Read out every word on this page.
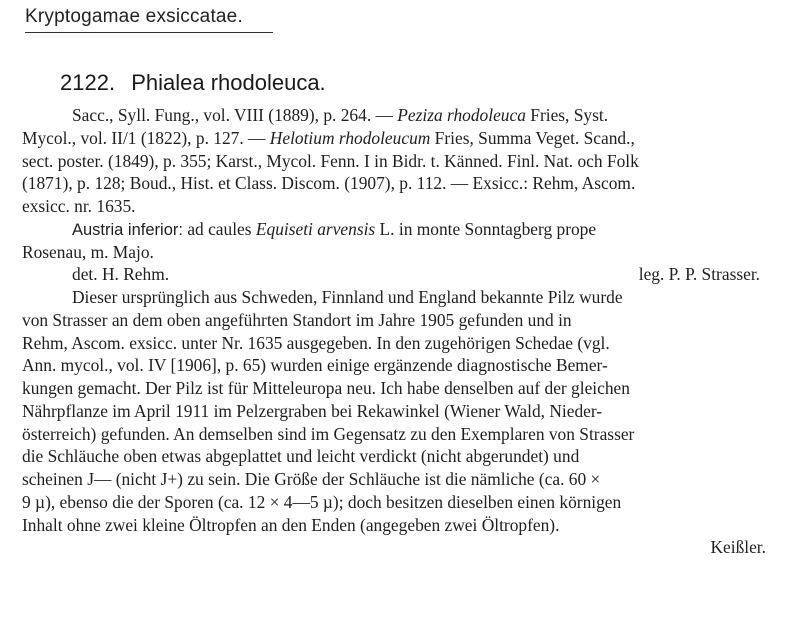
Kryptogamae exsiccatae.
2122. Phialea rhodoleuca.
Sacc., Syll. Fung., vol. VIII (1889), p. 264. — Peziza rhodoleuca Fries, Syst.
Mycol., vol. II/1 (1822), p. 127. — Helotium rhodoleucum Fries, Summa Veget. Scand.,
sect. poster. (1849), p. 355; Karst., Mycol. Fenn. I in Bidr. t. Känned. Finl. Nat. och Folk
(1871), p. 128; Boud., Hist. et Class. Discom. (1907), p. 112. — Exsicc.: Rehm, Ascom.
exsicc. nr. 1635.
Austria inferior: ad caules Equiseti arvensis L. in monte Sonntagberg prope
Rosenau, m. Majo.
det. H. Rehm.	leg. P. P. Strasser.
Dieser ursprünglich aus Schweden, Finnland und England bekannte Pilz wurde
von Strasser an dem oben angeführten Standort im Jahre 1905 gefunden und in
Rehm, Ascom. exsicc. unter Nr. 1635 ausgegeben. In den zugehörigen Schedae (vgl.
Ann. mycol., vol. IV [1906], p. 65) wurden einige ergänzende diagnostische Bemer-
kungen gemacht. Der Pilz ist für Mitteleuropa neu. Ich habe denselben auf der gleichen
Nährpflanze im April 1911 im Pelzergraben bei Rekawinkel (Wiener Wald, Nieder-
österreich) gefunden. An demselben sind im Gegensatz zu den Exemplaren von Strasser
die Schläuche oben etwas abgeplattet und leicht verdickt (nicht abgerundet) und
scheinen J— (nicht J+) zu sein. Die Größe der Schläuche ist die nämliche (ca. 60 ×
9 µ), ebenso die der Sporen (ca. 12 × 4—5 µ); doch besitzen dieselben einen körnigen
Inhalt ohne zwei kleine Öltropfen an den Enden (angegeben zwei Öltropfen).
Keißler.
